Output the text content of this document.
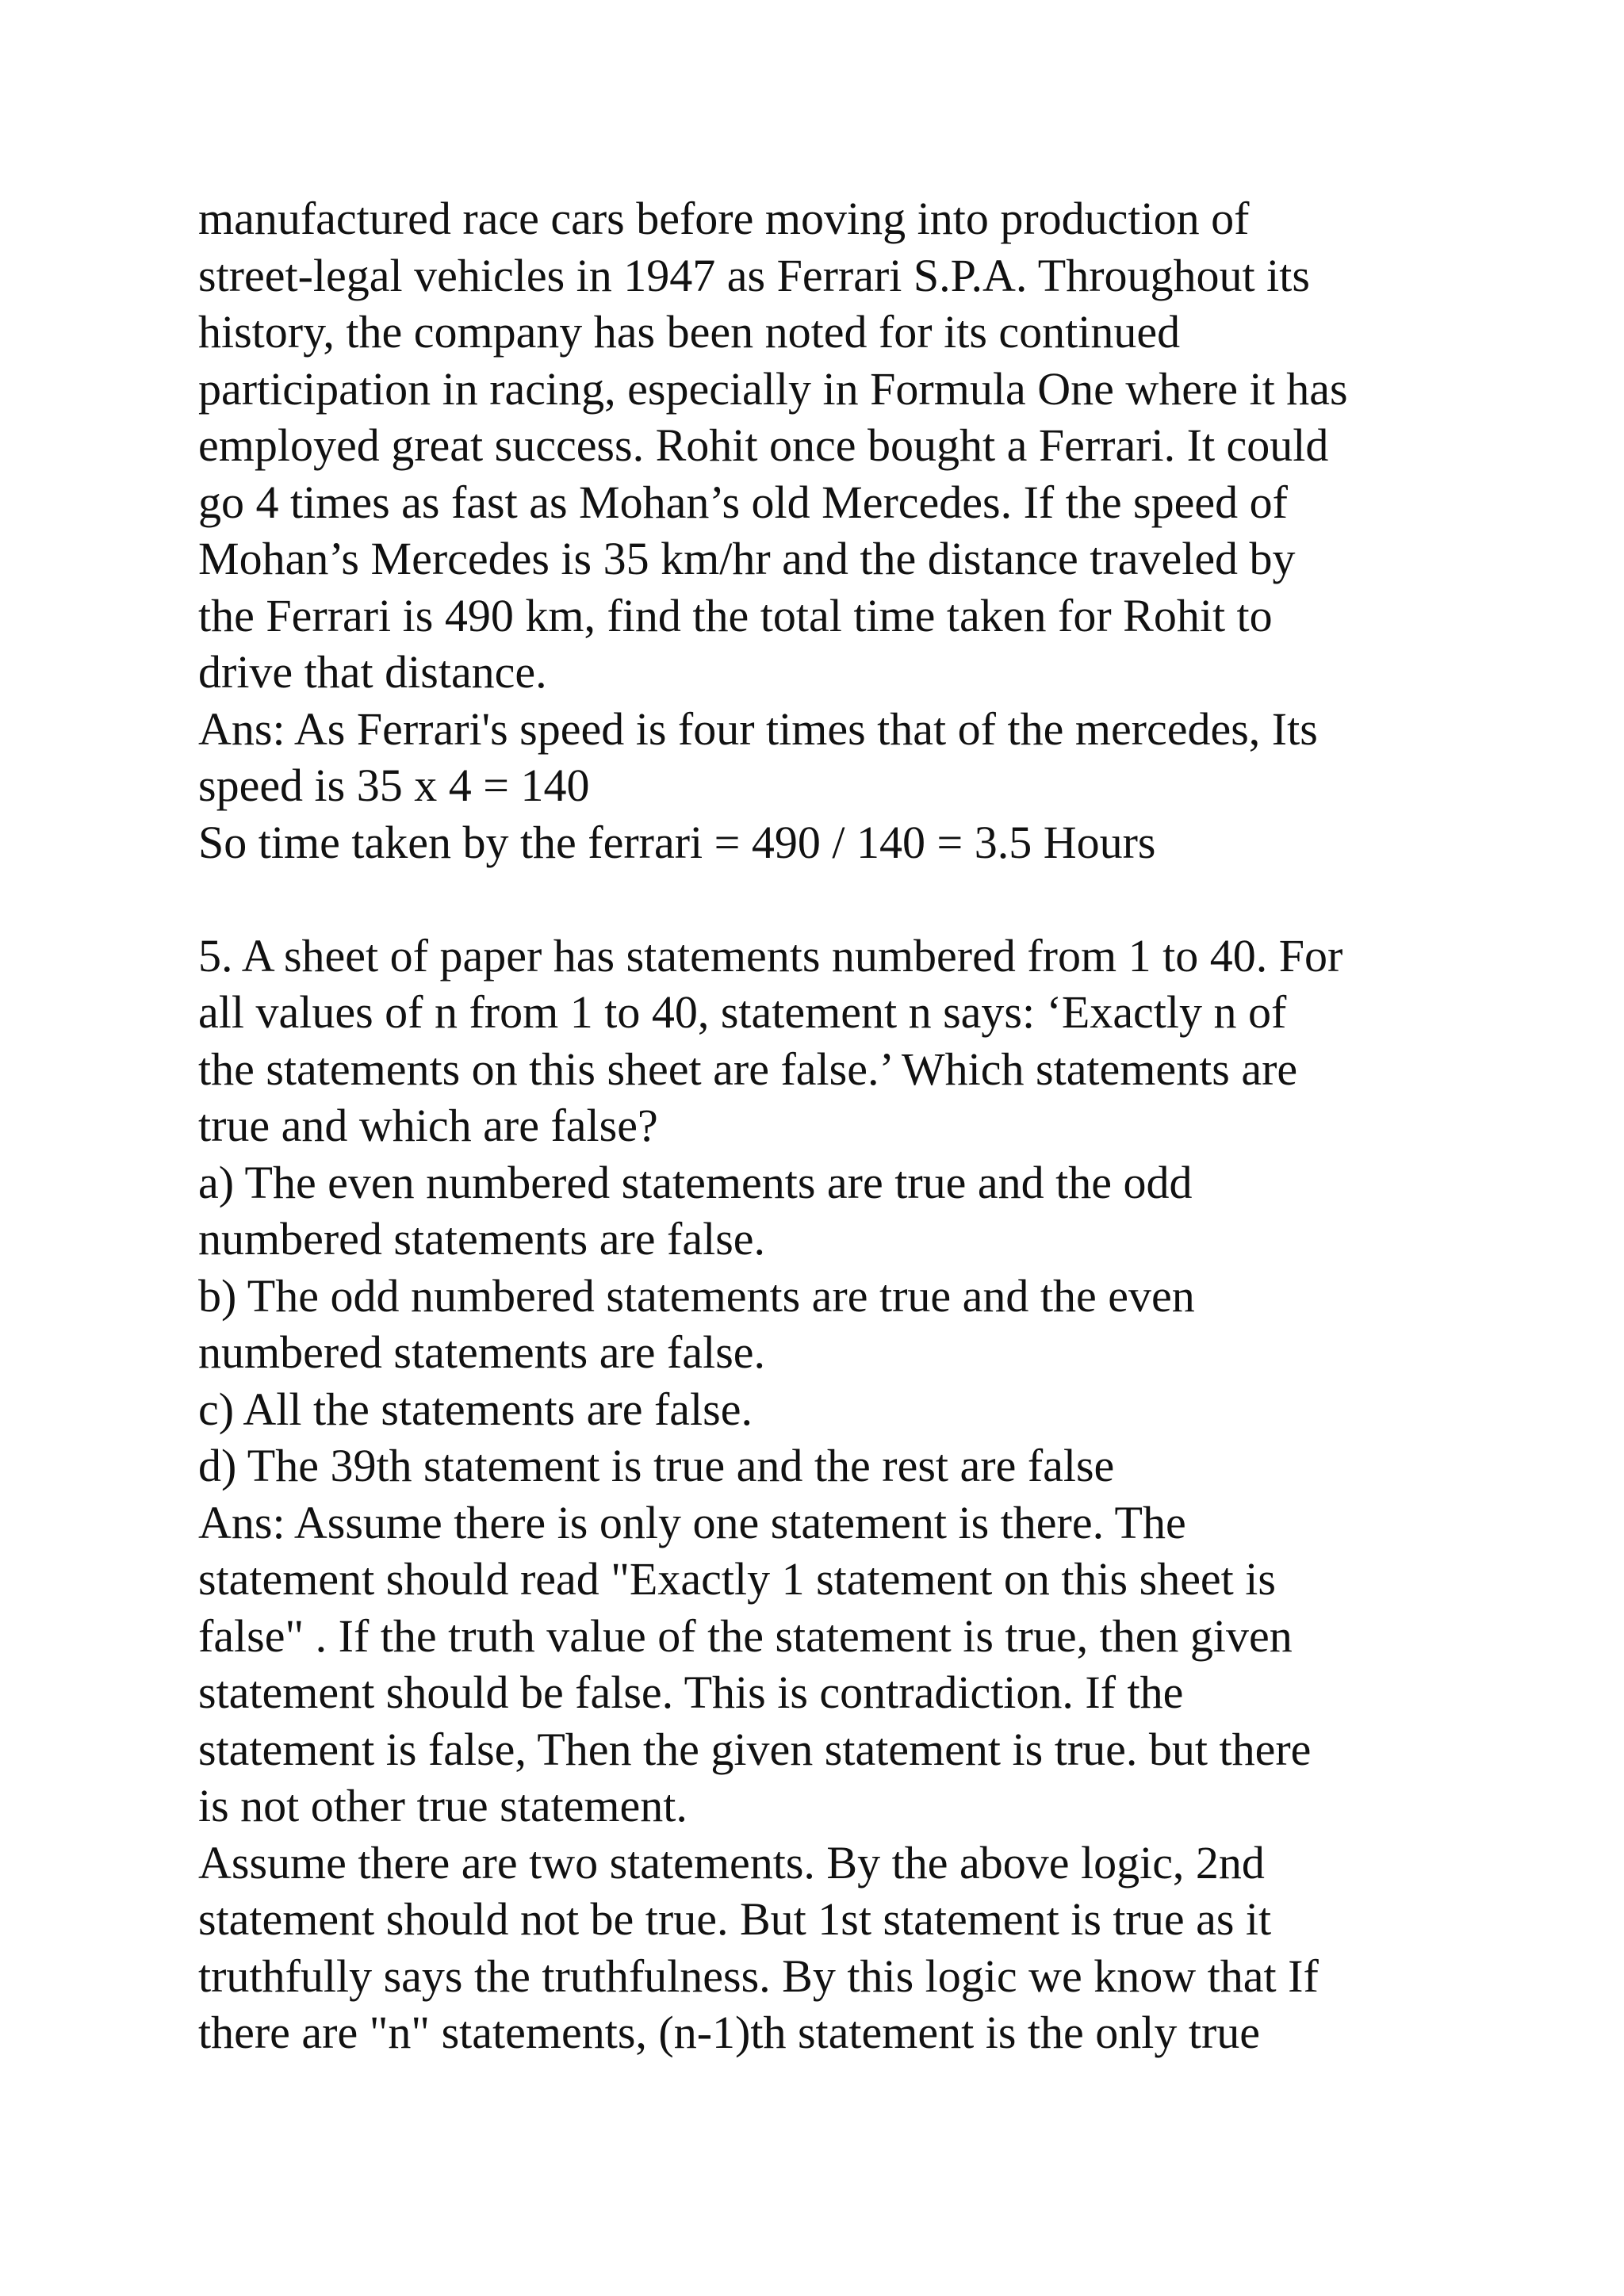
manufactured race cars before moving into production of
street-legal vehicles in 1947 as Ferrari S.P.A. Throughout its
history, the company has been noted for its continued
participation in racing, especially in Formula One where it has
employed great success. Rohit once bought a Ferrari. It could
go 4 times as fast as Mohan’s old Mercedes. If the speed of
Mohan’s Mercedes is 35 km/hr and the distance traveled by
the Ferrari is 490 km, find the total time taken for Rohit to
drive that distance.
Ans: As Ferrari's speed is four times that of the mercedes, Its
speed is 35 x 4 = 140
So time taken by the ferrari = 490 / 140 = 3.5 Hours
5. A sheet of paper has statements numbered from 1 to 40. For
all values of n from 1 to 40, statement n says: ‘Exactly n of
the statements on this sheet are false.’ Which statements are
true and which are false?
a) The even numbered statements are true and the odd
numbered statements are false.
b) The odd numbered statements are true and the even
numbered statements are false.
c) All the statements are false.
d) The 39th statement is true and the rest are false
Ans: Assume there is only one statement is there. The
statement should read "Exactly 1 statement on this sheet is
false" . If the truth value of the statement is true, then given
statement should be false. This is contradiction. If the
statement is false, Then the given statement is true. but there
is not other true statement.
Assume there are two statements. By the above logic, 2nd
statement should not be true. But 1st statement is true as it
truthfully says the truthfulness. By this logic we know that If
there are "n" statements, (n-1)th statement is the only true
